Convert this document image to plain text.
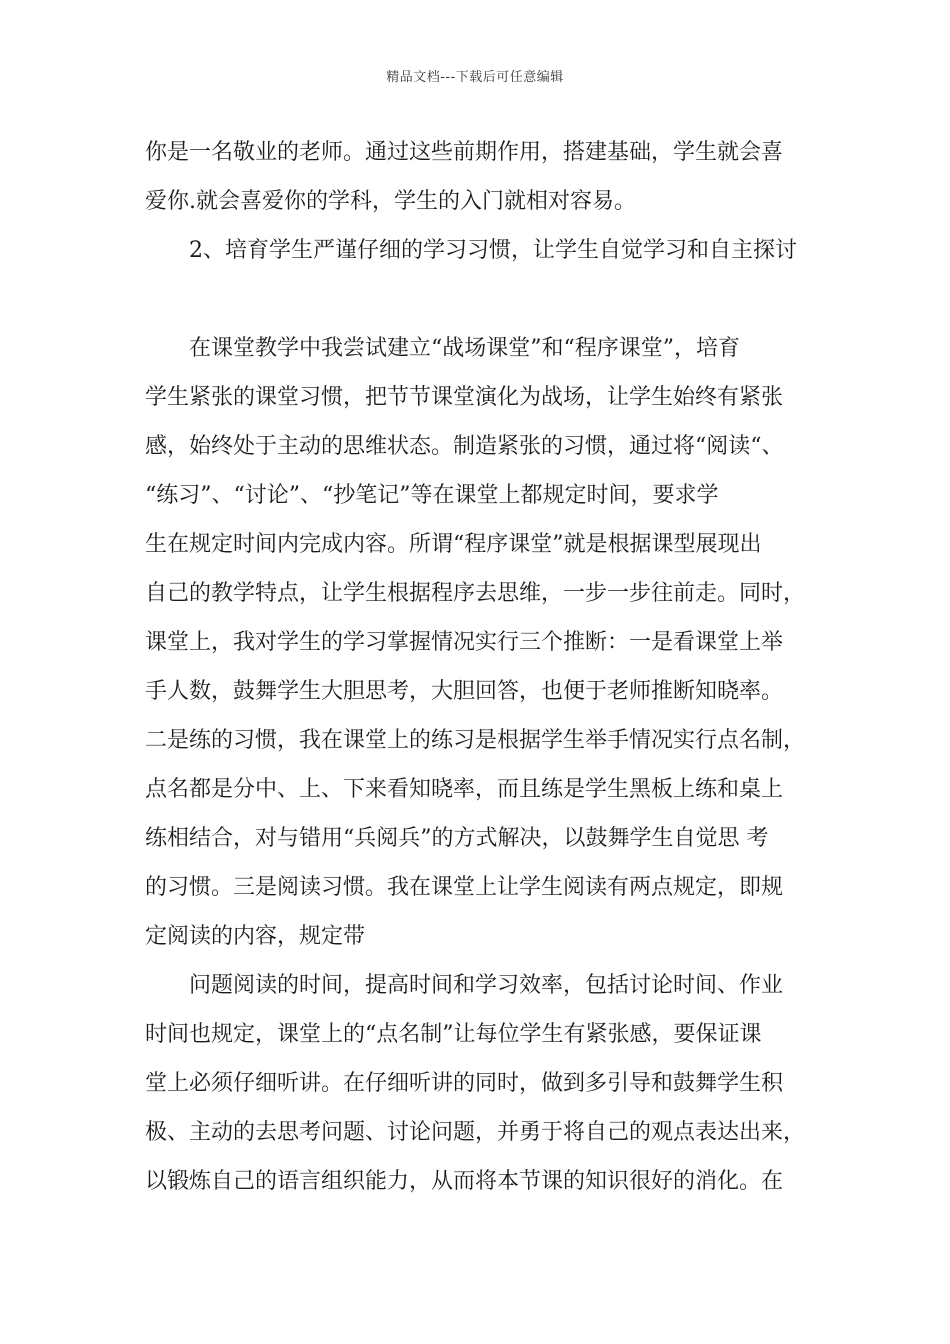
精品文档---下载后可任意编辑
你是一名敬业的老师。通过这些前期作用，搭建基础，学生就会喜
爱你.就会喜爱你的学科，学生的入门就相对容易。
2、培育学生严谨仔细的学习习惯，让学生自觉学习和自主探讨
在课堂教学中我尝试建立“战场课堂”和“程序课堂”，培育
学生紧张的课堂习惯，把节节课堂演化为战场，让学生始终有紧张
感，始终处于主动的思维状态。制造紧张的习惯，通过将“阅读“、
“练习”、“讨论”、“抄笔记”等在课堂上都规定时间，要求学
生在规定时间内完成内容。所谓“程序课堂”就是根据课型展现出
自己的教学特点，让学生根据程序去思维，一步一步往前走。同时，
课堂上，我对学生的学习掌握情况实行三个推断：一是看课堂上举
手人数，鼓舞学生大胆思考，大胆回答，也便于老师推断知晓率。
二是练的习惯，我在课堂上的练习是根据学生举手情况实行点名制，
点名都是分中、上、下来看知晓率，而且练是学生黑板上练和桌上
练相结合，对与错用“兵阅兵”的方式解决，以鼓舞学生自觉思 考
的习惯。三是阅读习惯。我在课堂上让学生阅读有两点规定，即规
定阅读的内容，规定带
问题阅读的时间，提高时间和学习效率，包括讨论时间、作业
时间也规定，课堂上的“点名制”让每位学生有紧张感，要保证课
堂上必须仔细听讲。在仔细听讲的同时，做到多引导和鼓舞学生积
极、主动的去思考问题、讨论问题，并勇于将自己的观点表达出来，
以锻炼自己的语言组织能力，从而将本节课的知识很好的消化。在
